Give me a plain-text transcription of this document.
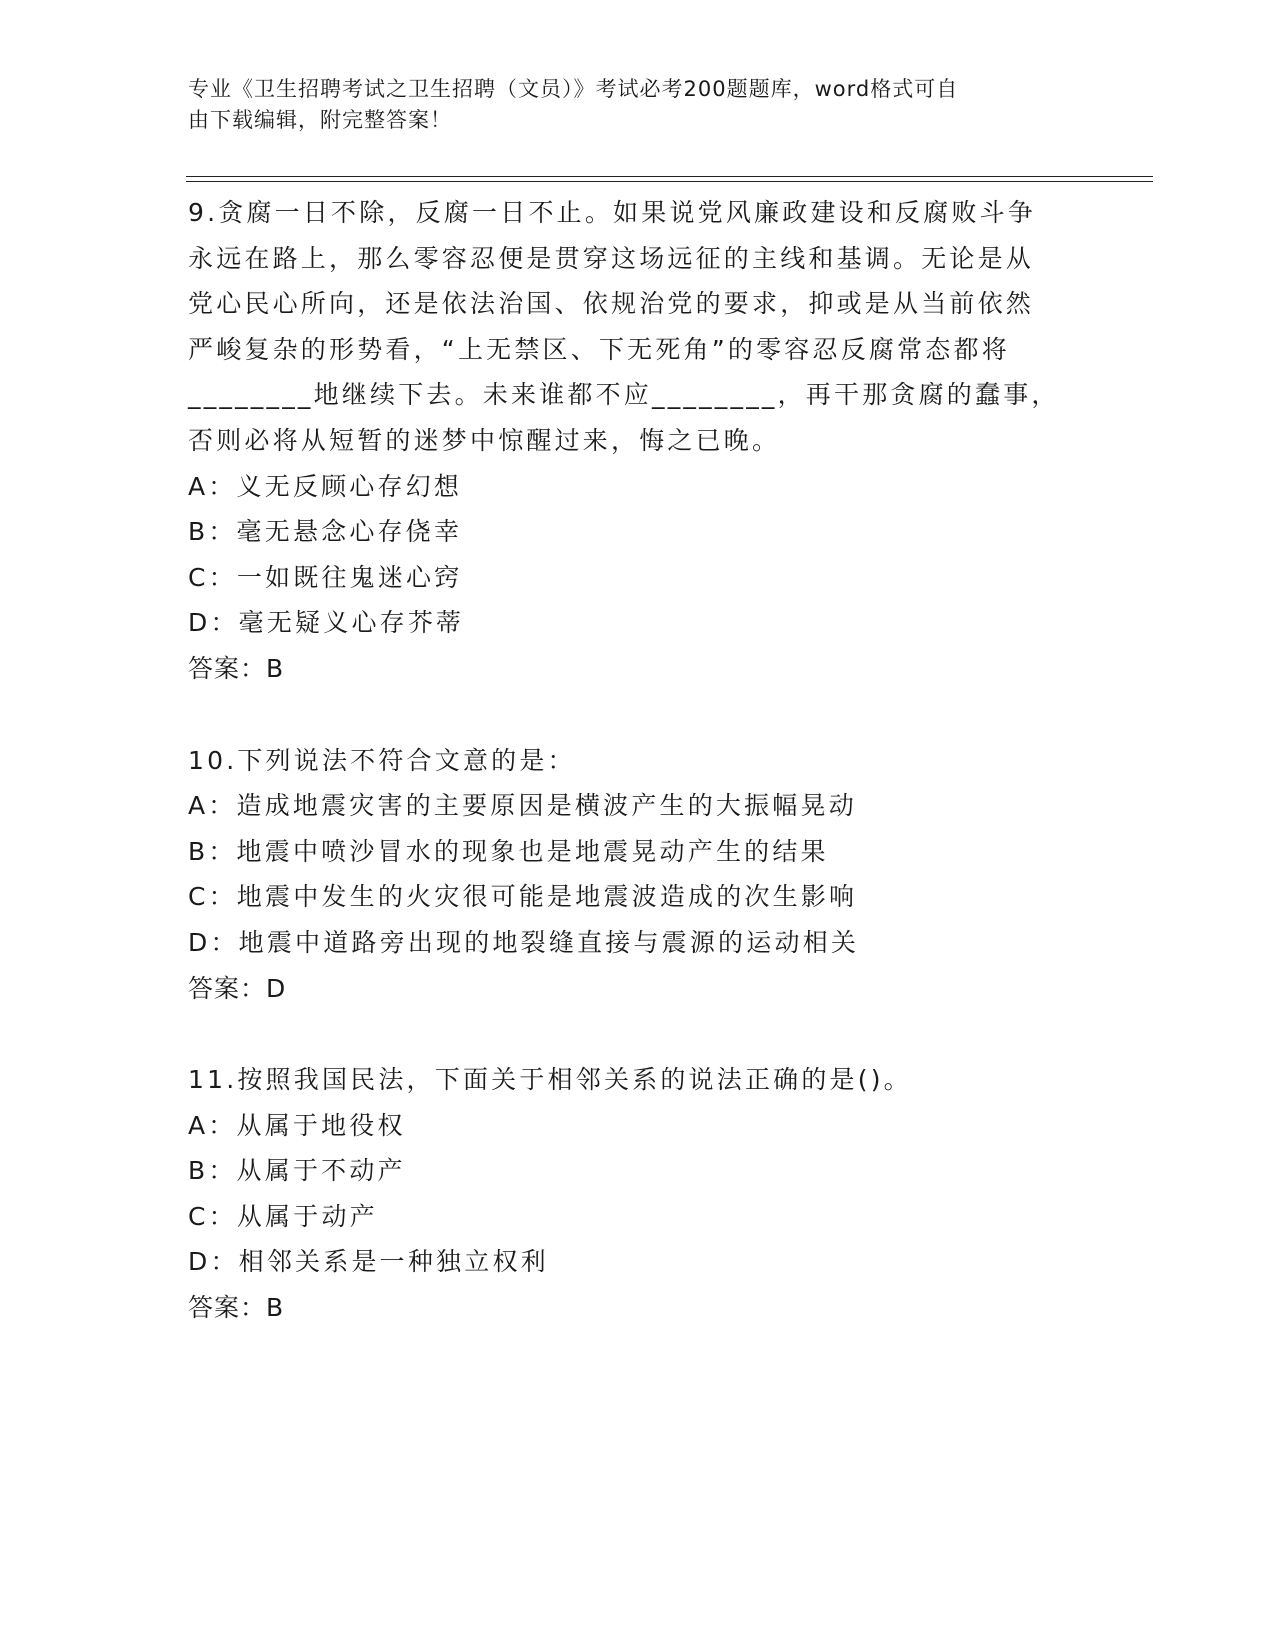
专业《卫生招聘考试之卫生招聘（文员）》考试必考200题题库，word格式可自
由下载编辑，附完整答案！
9.贪腐一日不除，反腐一日不止。如果说党风廉政建设和反腐败斗争
永远在路上，那么零容忍便是贯穿这场远征的主线和基调。无论是从
党心民心所向，还是依法治国、依规治党的要求，抑或是从当前依然
严峻复杂的形势看，“上无禁区、下无死角”的零容忍反腐常态都将
________地继续下去。未来谁都不应________，再干那贪腐的蠢事，
否则必将从短暂的迷梦中惊醒过来，悔之已晚。
A：义无反顾心存幻想
B：毫无悬念心存侥幸
C：一如既往鬼迷心窍
D：毫无疑义心存芥蒂
答案：B
10.下列说法不符合文意的是：
A：造成地震灾害的主要原因是横波产生的大振幅晃动
B：地震中喷沙冒水的现象也是地震晃动产生的结果
C：地震中发生的火灾很可能是地震波造成的次生影响
D：地震中道路旁出现的地裂缝直接与震源的运动相关
答案：D
11.按照我国民法，下面关于相邻关系的说法正确的是()。
A：从属于地役权
B：从属于不动产
C：从属于动产
D：相邻关系是一种独立权利
答案：B
